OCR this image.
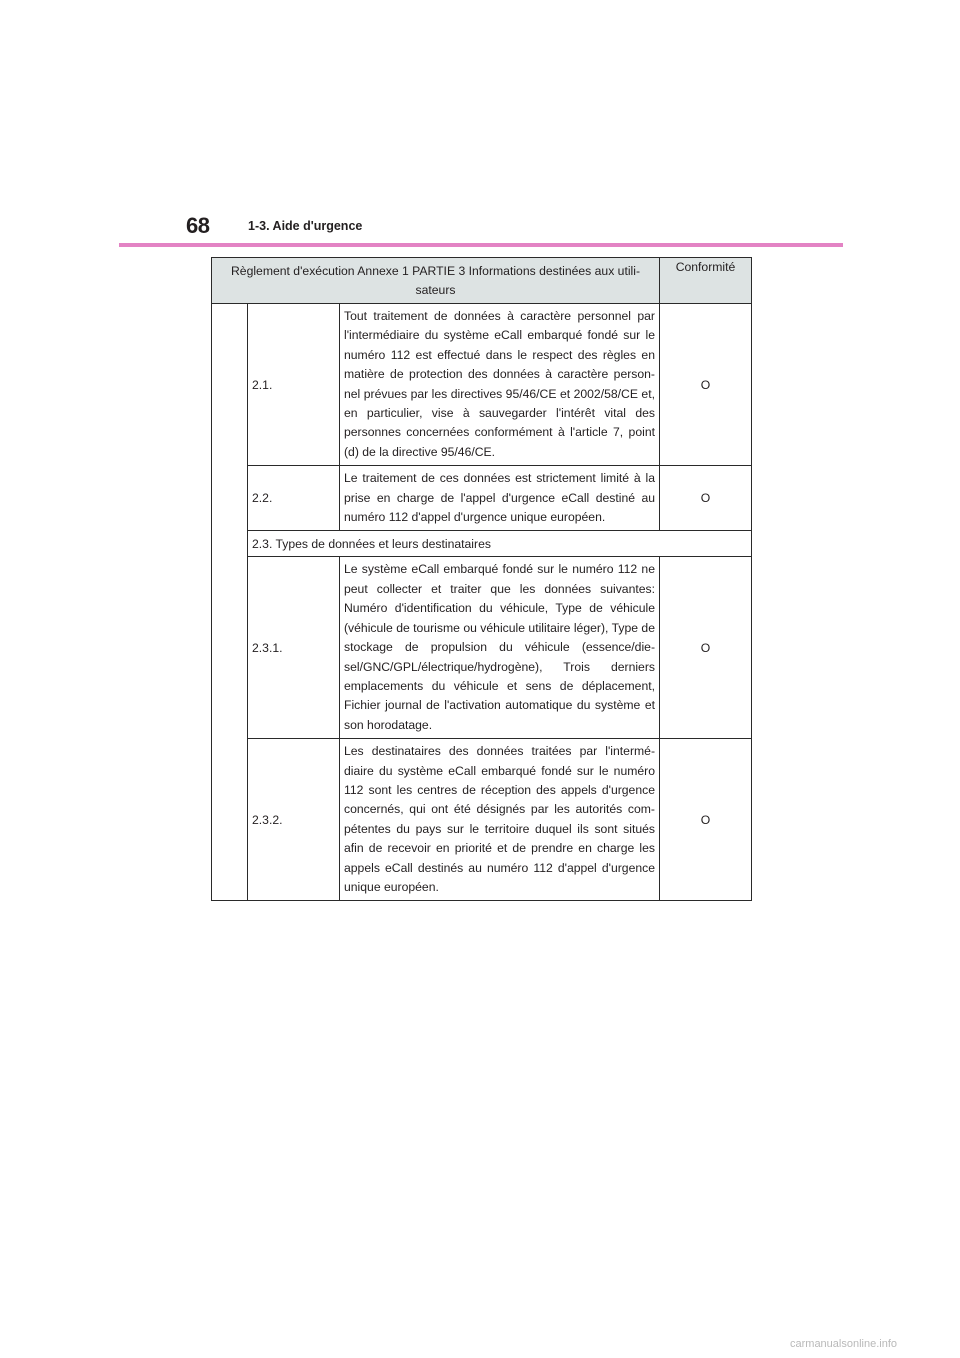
68	1-3. Aide d'urgence
Règlement d'exécution Annexe 1 PARTIE 3 Informations destinées aux utili-
sateurs			Conformité
	2.1.	Tout traitement de données à caractère personnel par l'intermédiaire du système eCall embarqué fondé sur le numéro 112 est effectué dans le respect des règles en matière de protection des données à caractère person-nel prévues par les directives 95/46/CE et 2002/58/CE et, en particulier, vise à sauvegarder l'intérêt vital des personnes concernées conformément à l'article 7, point (d) de la directive 95/46/CE.	O
	2.2.	Le traitement de ces données est strictement limité à la prise en charge de l'appel d'urgence eCall destiné au numéro 112 d'appel d'urgence unique européen.	O
	2.3. Types de données et leurs destinataires		
	2.3.1.	Le système eCall embarqué fondé sur le numéro 112 ne peut collecter et traiter que les données suivantes: Numéro d'identification du véhicule, Type de véhicule (véhicule de tourisme ou véhicule utilitaire léger), Type de stockage de propulsion du véhicule (essence/die-sel/GNC/GPL/électrique/hydrogène), Trois derniers emplacements du véhicule et sens de déplacement, Fichier journal de l'activation automatique du système et son horodatage.	O
	2.3.2.	Les destinataires des données traitées par l'intermé-diaire du système eCall embarqué fondé sur le numéro 112 sont les centres de réception des appels d'urgence concernés, qui ont été désignés par les autorités com-pétentes du pays sur le territoire duquel ils sont situés afin de recevoir en priorité et de prendre en charge les appels eCall destinés au numéro 112 d'appel d'urgence unique européen.	O
carmanualsonline.info
